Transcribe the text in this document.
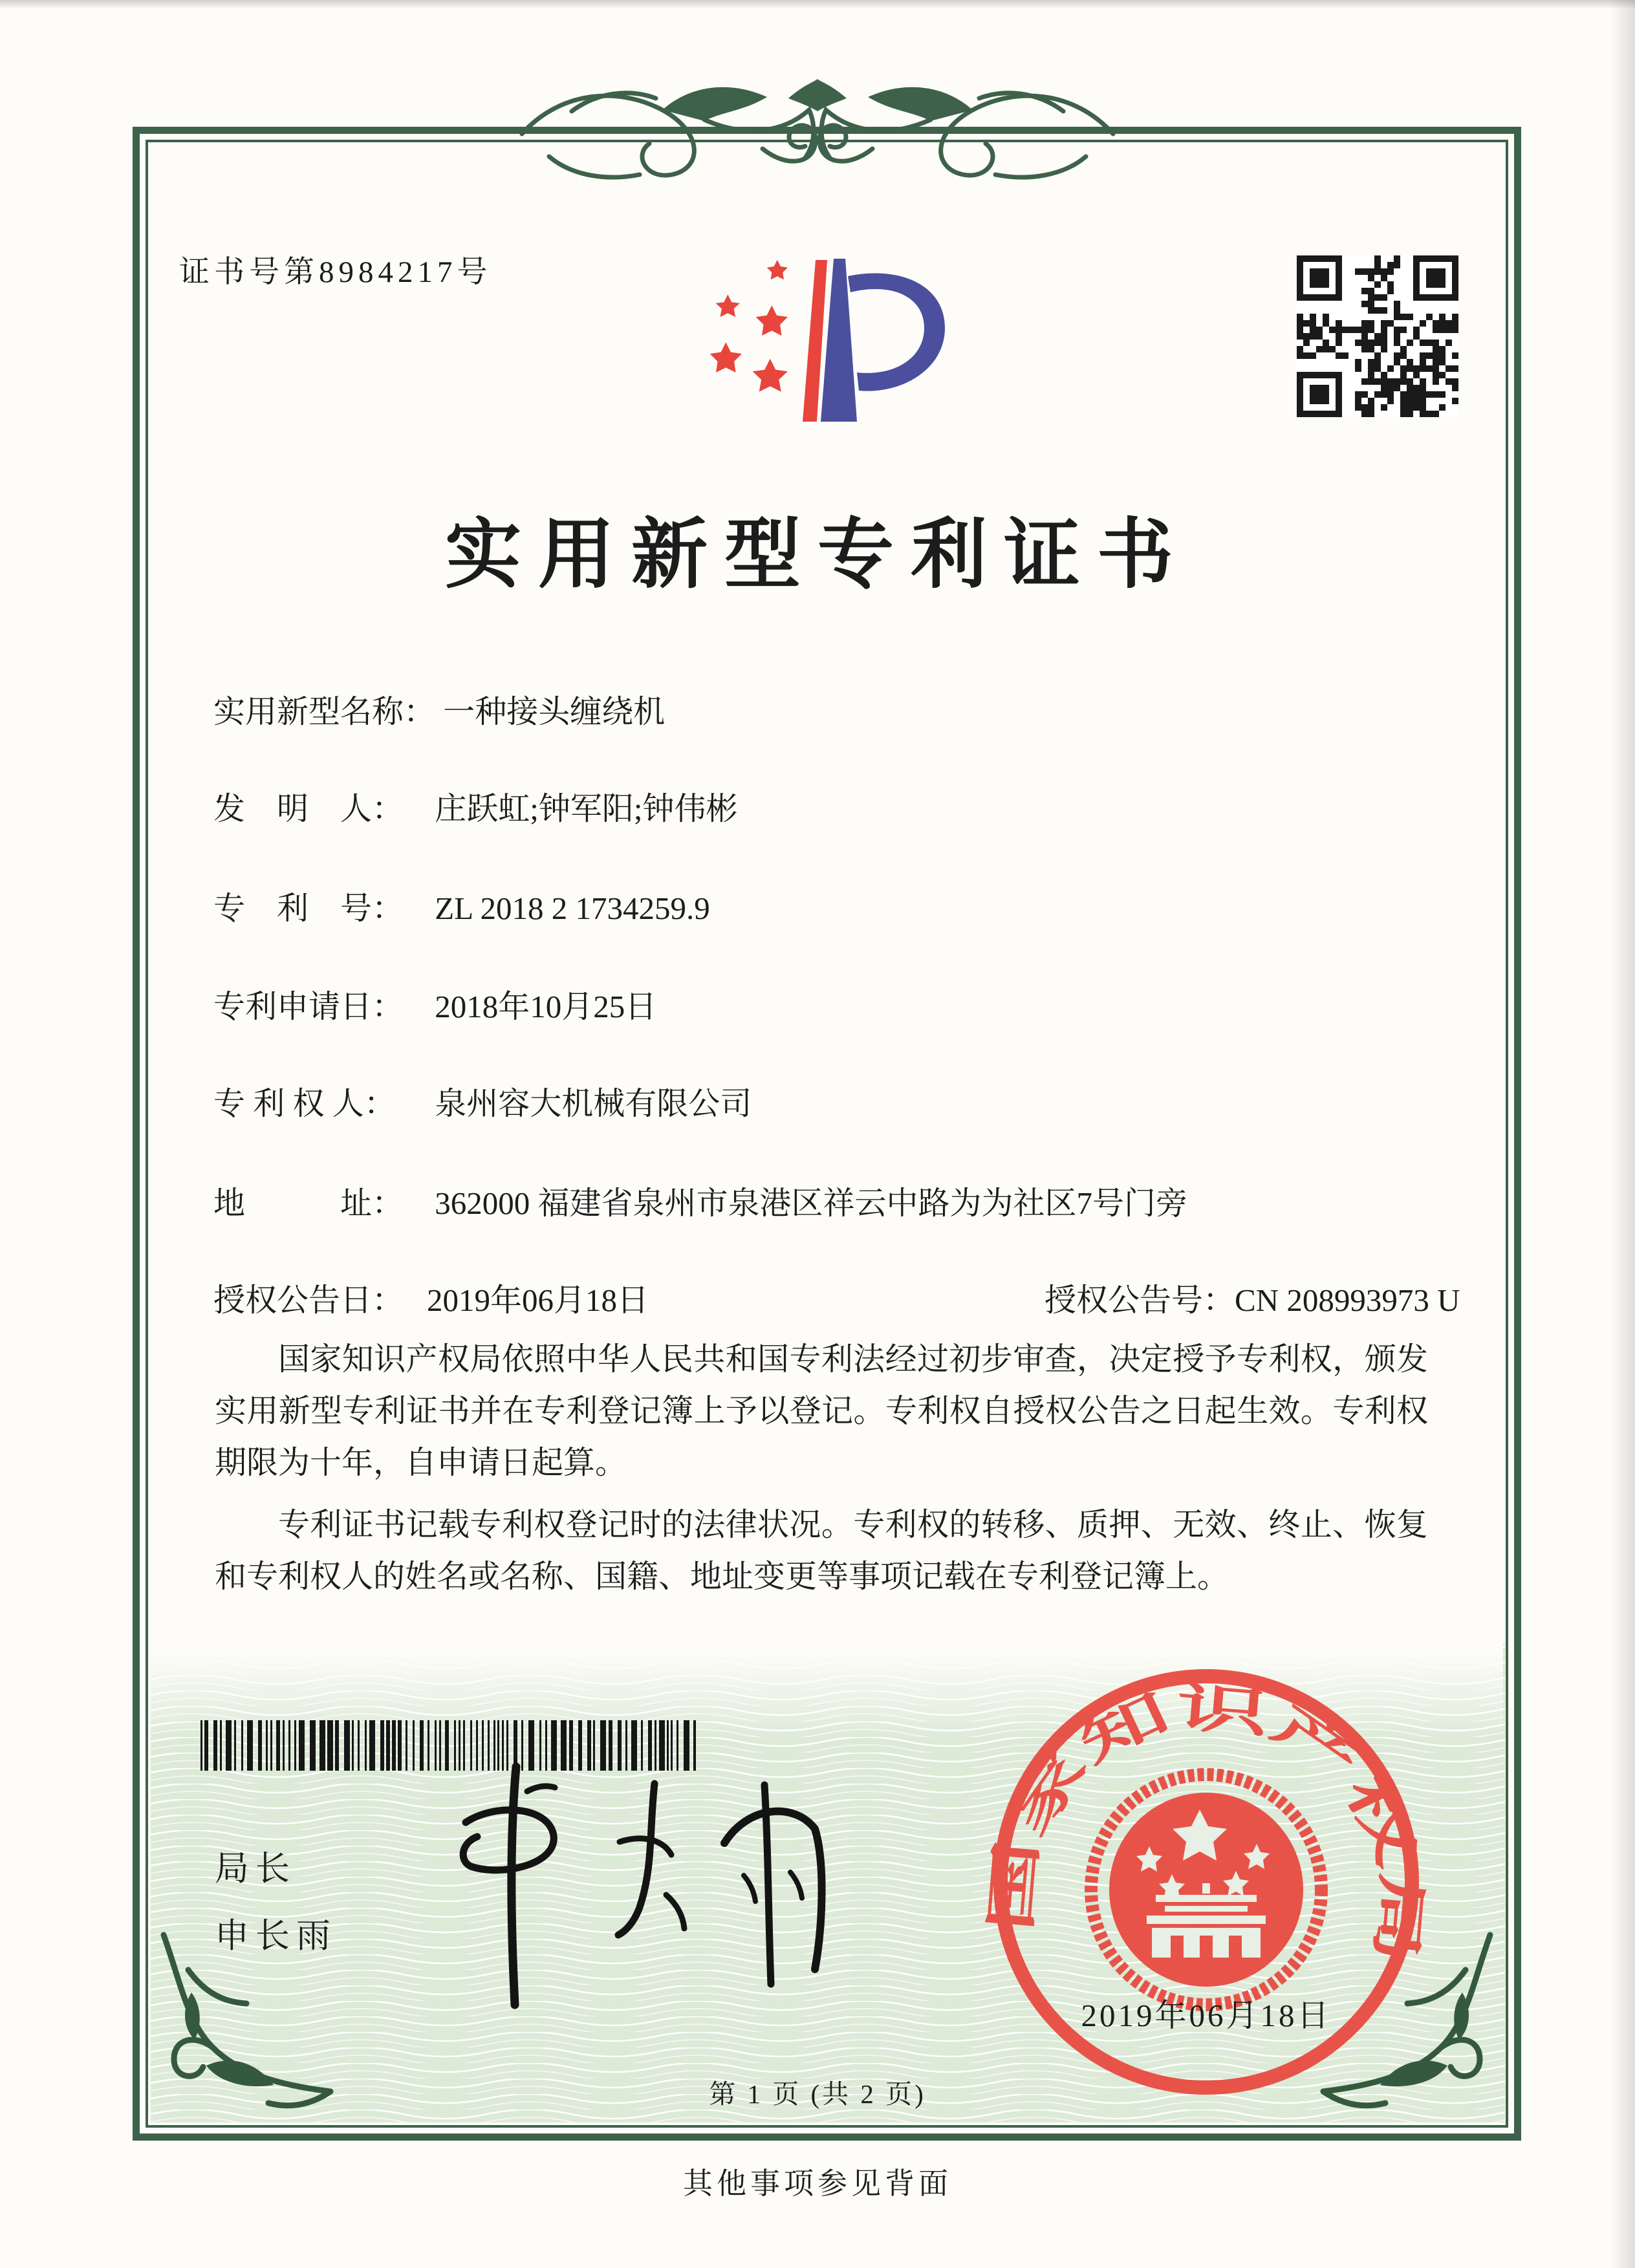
证书号第8984217号
实用新型专利证书
实用新型名称： 一种接头缠绕机
发　明　人： 庄跃虹;钟军阳;钟伟彬
专　利　号： ZL 2018 2 1734259.9
专利申请日： 2018年10月25日
专 利 权 人： 泉州容大机械有限公司
地　　　址： 362000 福建省泉州市泉港区祥云中路为为社区7号门旁
授权公告日： 2019年06月18日	授权公告号：CN 208993973 U

国家知识产权局依照中华人民共和国专利法经过初步审查，决定授予专利权，颁发实用新型专利证书并在专利登记簿上予以登记。专利权自授权公告之日起生效。专利权期限为十年，自申请日起算。

专利证书记载专利权登记时的法律状况。专利权的转移、质押、无效、终止、恢复和专利权人的姓名或名称、国籍、地址变更等事项记载在专利登记簿上。

局长
申长雨
国家知识产权局
2019年06月18日
第 1 页 (共 2 页)
其他事项参见背面
